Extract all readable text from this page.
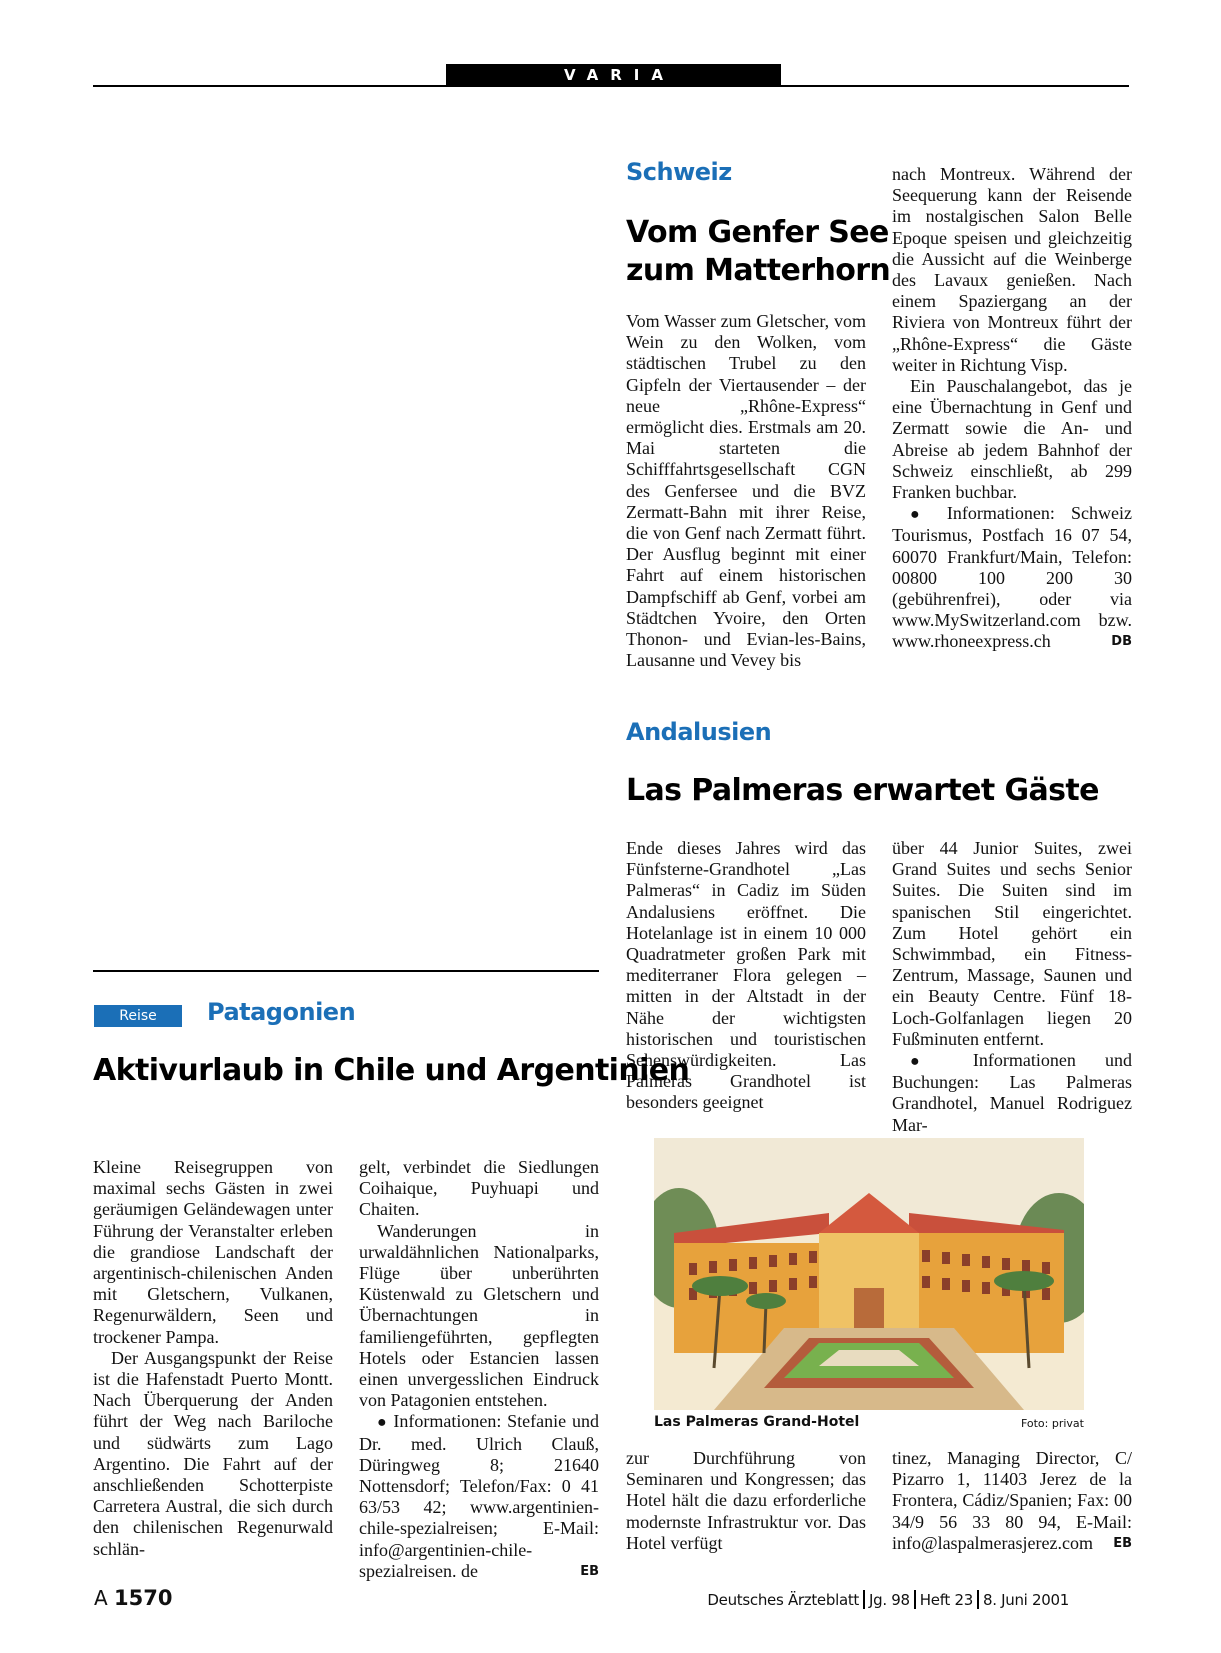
VARIA
Schweiz
Vom Genfer See
zum Matterhorn

Vom Wasser zum Gletscher, vom Wein zu den Wolken, vom städtischen Trubel zu den Gipfeln der Viertausender – der neue „Rhône-Express“ ermöglicht dies. Erstmals am 20. Mai starteten die Schifffahrtsgesellschaft CGN des Genfersee und die BVZ Zermatt-Bahn mit ihrer Reise, die von Genf nach Zermatt führt. Der Ausflug beginnt mit einer Fahrt auf einem historischen Dampfschiff ab Genf, vorbei am Städtchen Yvoire, den Orten Thonon- und Evian-les-Bains, Lausanne und Vevey bis

nach Montreux. Während der Seequerung kann der Reisende im nostalgischen Salon Belle Epoque speisen und gleichzeitig die Aussicht auf die Weinberge des Lavaux genießen. Nach einem Spaziergang an der Riviera von Montreux führt der „Rhône-Express“ die Gäste weiter in Richtung Visp.

Ein Pauschalangebot, das je eine Übernachtung in Genf und Zermatt sowie die An- und Abreise ab jedem Bahnhof der Schweiz einschließt, ab 299 Franken buchbar.

● Informationen: Schweiz Tourismus, Postfach 16 07 54, 60070 Frankfurt/Main, Telefon: 00800 100 200 30 (gebührenfrei), oder via www.MySwitzerland.com bzw. www.rhoneexpress.ch	DB

Andalusien
Las Palmeras erwartet Gäste

Ende dieses Jahres wird das Fünfsterne-Grandhotel „Las Palmeras“ in Cadiz im Süden Andalusiens eröffnet. Die Hotelanlage ist in einem 10 000 Quadratmeter großen Park mit mediterraner Flora gelegen – mitten in der Altstadt in der Nähe der wichtigsten historischen und touristischen Sehenswürdigkeiten. Las Palmeras Grandhotel ist besonders geeignet

über 44 Junior Suites, zwei Grand Suites und sechs Senior Suites. Die Suiten sind im spanischen Stil eingerichtet. Zum Hotel gehört ein Schwimmbad, ein Fitness-Zentrum, Massage, Saunen und ein Beauty Centre. Fünf 18-Loch-Golfanlagen liegen 20 Fußminuten entfernt.

● Informationen und Buchungen: Las Palmeras Grandhotel, Manuel Rodriguez Mar-

Las Palmeras Grand-Hotel	Foto: privat

zur Durchführung von Seminaren und Kongressen; das Hotel hält die dazu erforderliche modernste Infrastruktur vor. Das Hotel verfügt

tinez, Managing Director, C/ Pizarro 1, 11403 Jerez de la Frontera, Cádiz/Spanien; Fax: 00 34/9 56 33 80 94, E-Mail: info@laspalmerasjerez.com EB

Reise	Patagonien
Aktivurlaub in Chile und Argentinien

Kleine Reisegruppen von maximal sechs Gästen in zwei geräumigen Geländewagen unter Führung der Veranstalter erleben die grandiose Landschaft der argentinisch-chilenischen Anden mit Gletschern, Vulkanen, Regenurwäldern, Seen und trockener Pampa.

Der Ausgangspunkt der Reise ist die Hafenstadt Puerto Montt. Nach Überquerung der Anden führt der Weg nach Bariloche und südwärts zum Lago Argentino. Die Fahrt auf der anschließenden Schotterpiste Carretera Austral, die sich durch den chilenischen Regenurwald schlän-

gelt, verbindet die Siedlungen Coihaique, Puyhuapi und Chaiten.

Wanderungen in urwaldähnlichen Nationalparks, Flüge über unberührten Küstenwald zu Gletschern und Übernachtungen in familiengeführten, gepflegten Hotels oder Estancien lassen einen unvergesslichen Eindruck von Patagonien entstehen.

● Informationen: Stefanie und Dr. med. Ulrich Clauß, Düringweg 8; 21640 Nottensdorf; Telefon/Fax: 0 41 63/53 42; www.argentinien-chile-spezialreisen; E-Mail: info@argentinien-chile-spezialreisen. de	EB

A 1570	Deutsches Ärzteblatt Jg. 98 Heft 23 8. Juni 2001
